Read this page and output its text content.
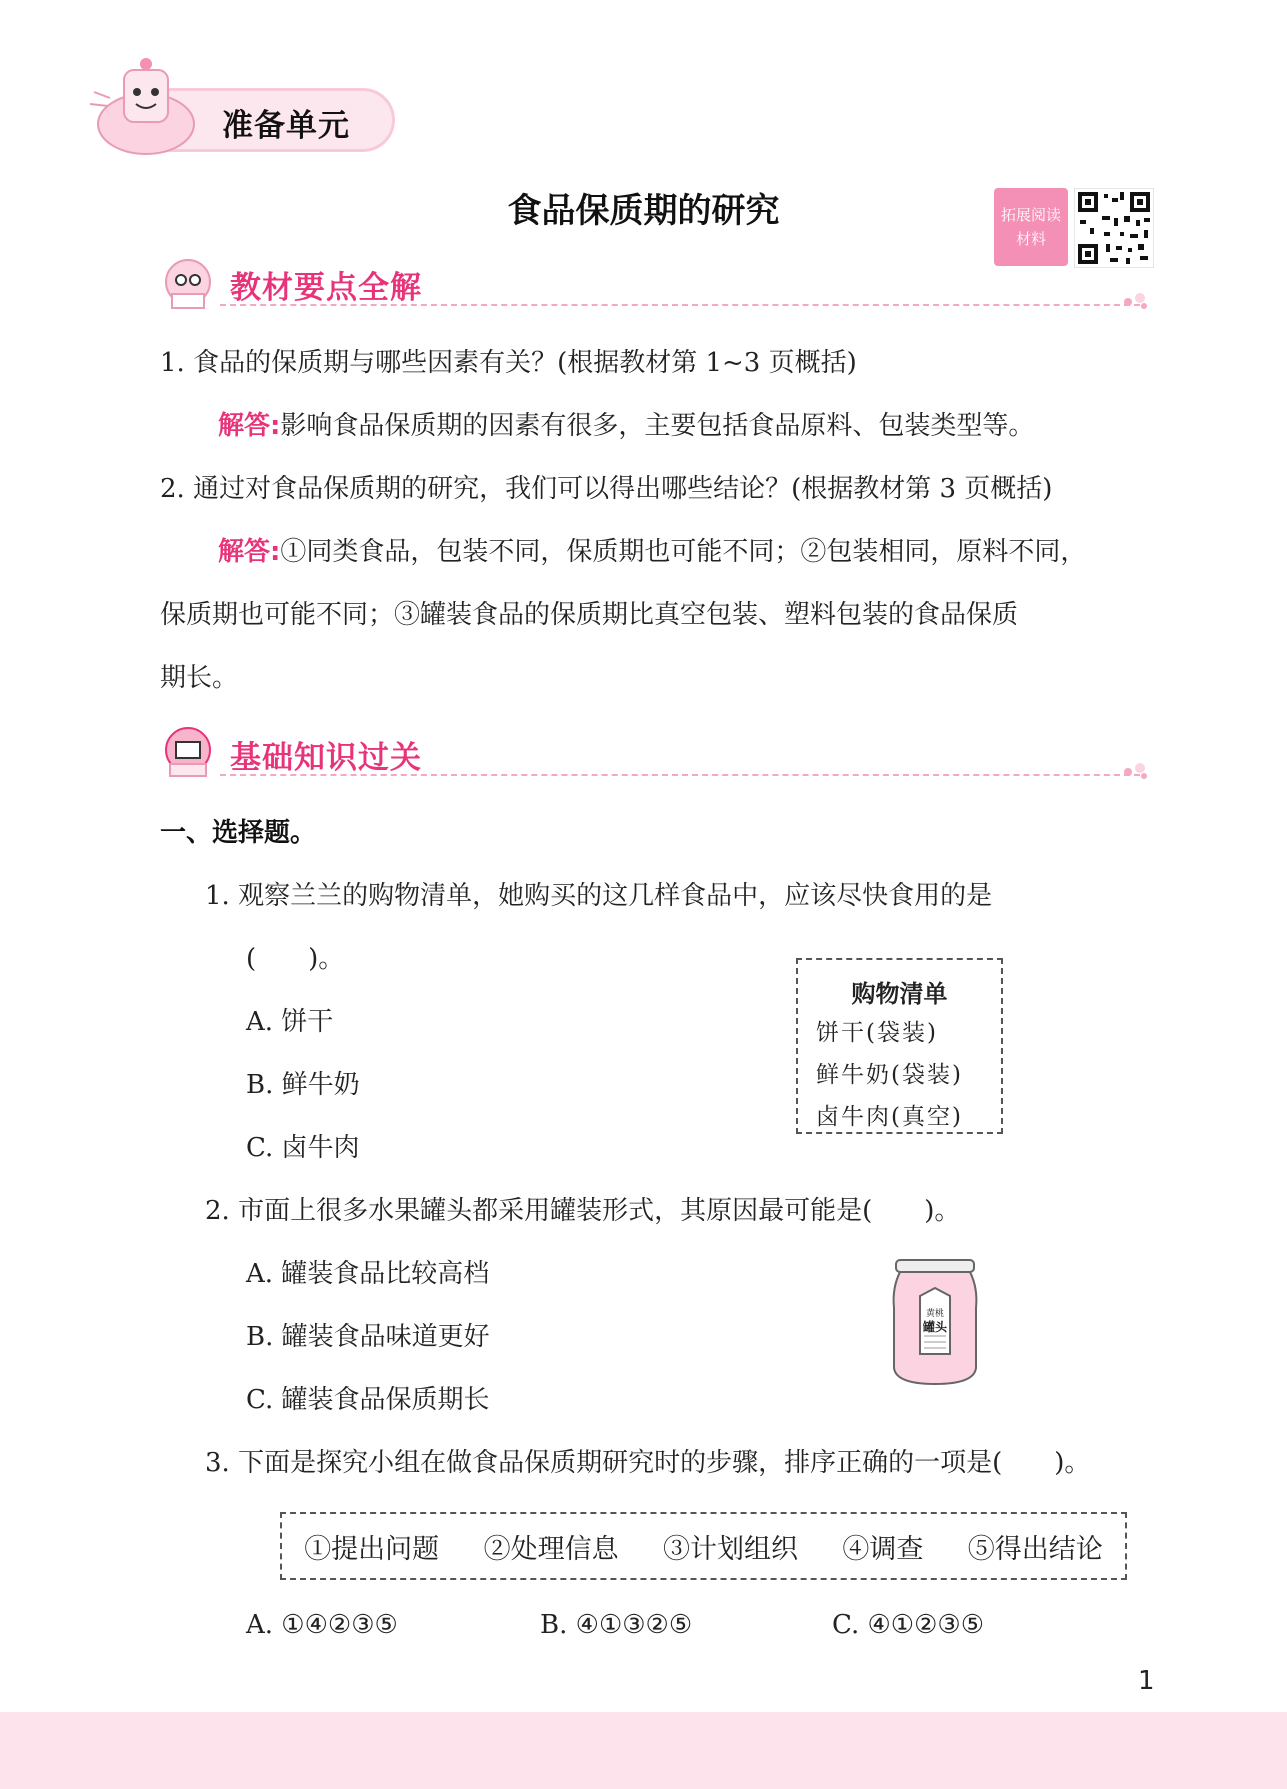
准备单元
食品保质期的研究	拓展阅读
材料
教材要点全解
1. 食品的保质期与哪些因素有关？(根据教材第 1~3 页概括)
解答:影响食品保质期的因素有很多，主要包括食品原料、包装类型等。
2. 通过对食品保质期的研究，我们可以得出哪些结论？(根据教材第 3 页概括)
解答:①同类食品，包装不同，保质期也可能不同；②包装相同，原料不同，
保质期也可能不同；③罐装食品的保质期比真空包装、塑料包装的食品保质
期长。
基础知识过关
一、选择题。
1. 观察兰兰的购物清单，她购买的这几样食品中，应该尽快食用的是
(　　)。
A. 饼干
B. 鲜牛奶
C. 卤牛肉
购物清单
饼干(袋装)
鲜牛奶(袋装)
卤牛肉(真空)
2. 市面上很多水果罐头都采用罐装形式，其原因最可能是(　　)。
A. 罐装食品比较高档
B. 罐装食品味道更好
C. 罐装食品保质期长
黄桃
罐头
3. 下面是探究小组在做食品保质期研究时的步骤，排序正确的一项是(　　)。
①提出问题 ②处理信息 ③计划组织 ④调查 ⑤得出结论
A. ①④②③⑤	B. ④①③②⑤	C. ④①②③⑤
1
